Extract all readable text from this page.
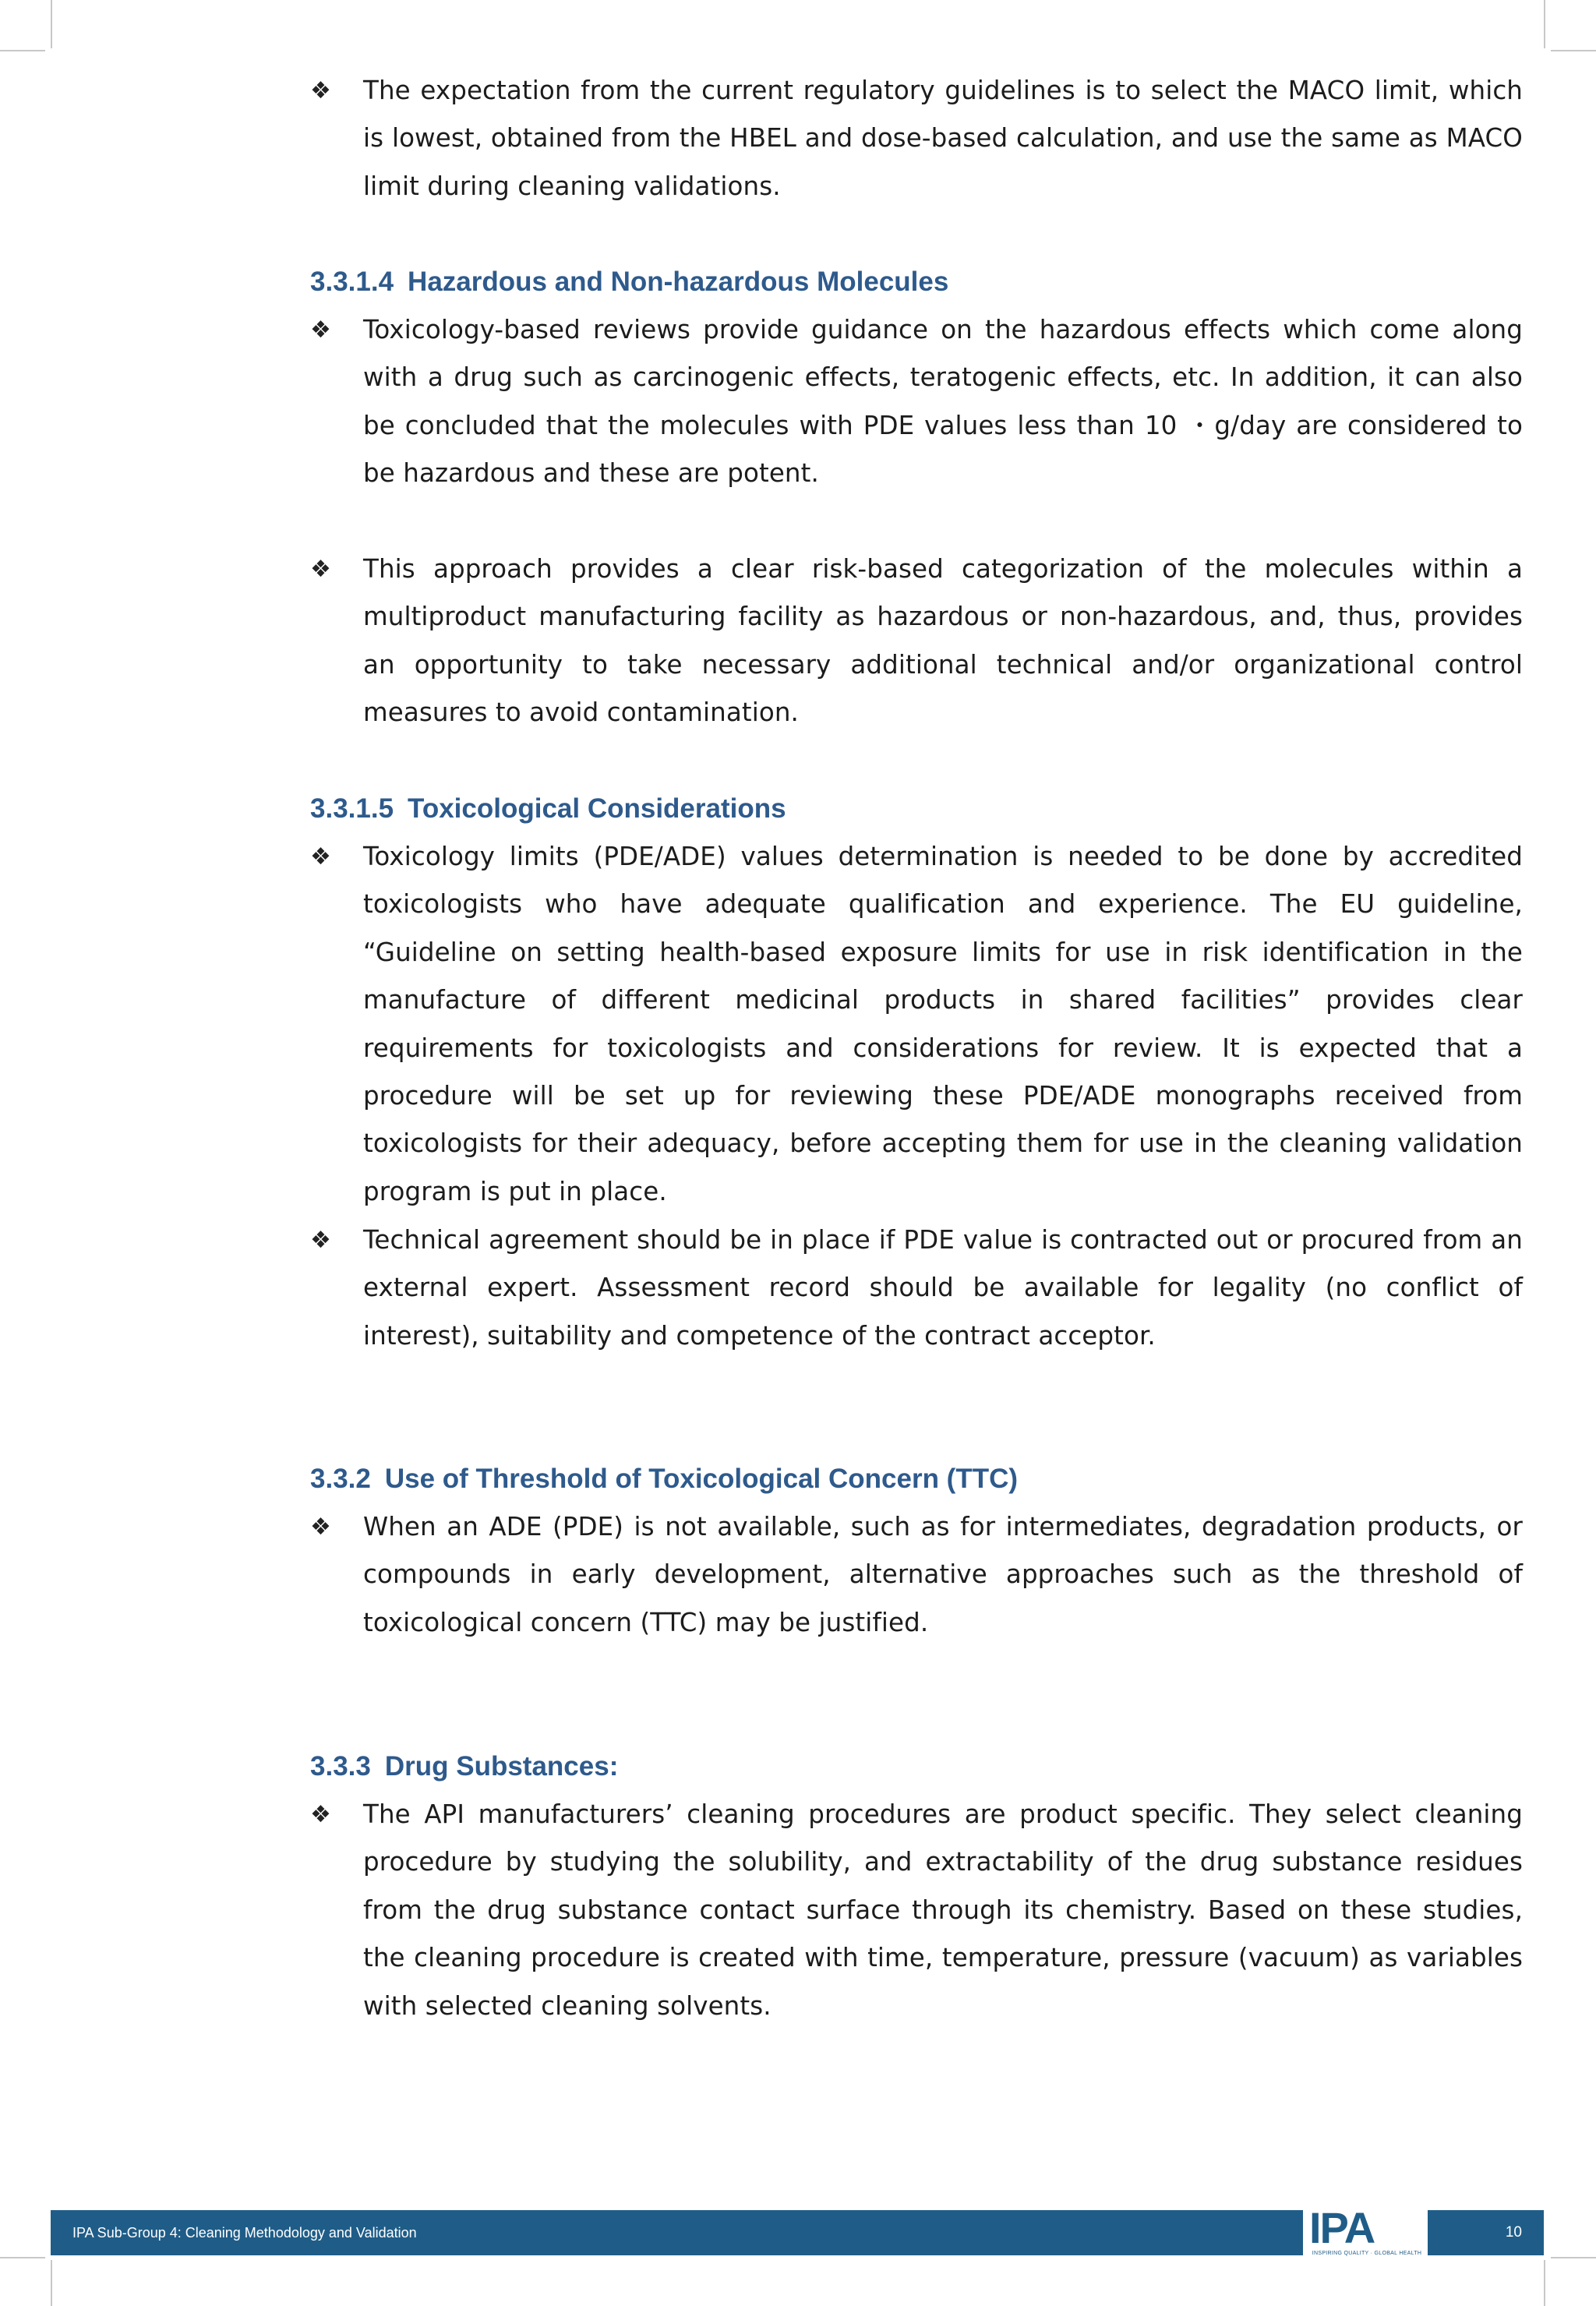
❖ The expectation from the current regulatory guidelines is to select the MACO limit, which is lowest, obtained from the HBEL and dose-based calculation, and use the same as MACO limit during cleaning validations.
3.3.1.4 Hazardous and Non-hazardous Molecules
❖ Toxicology-based reviews provide guidance on the hazardous effects which come along with a drug such as carcinogenic effects, teratogenic effects, etc. In addition, it can also be concluded that the molecules with PDE values less than 10 ・g/day are considered to be hazardous and these are potent.
❖ This approach provides a clear risk-based categorization of the molecules within a multiproduct manufacturing facility as hazardous or non-hazardous, and, thus, provides an opportunity to take necessary additional technical and/or organizational control measures to avoid contamination.
3.3.1.5 Toxicological Considerations
❖ Toxicology limits (PDE/ADE) values determination is needed to be done by accredited toxicologists who have adequate qualification and experience. The EU guideline, “Guideline on setting health-based exposure limits for use in risk identification in the manufacture of different medicinal products in shared facilities” provides clear requirements for toxicologists and considerations for review. It is expected that a procedure will be set up for reviewing these PDE/ADE monographs received from toxicologists for their adequacy, before accepting them for use in the cleaning validation program is put in place.
❖ Technical agreement should be in place if PDE value is contracted out or procured from an external expert. Assessment record should be available for legality (no conflict of interest), suitability and competence of the contract acceptor.
3.3.2 Use of Threshold of Toxicological Concern (TTC)
❖ When an ADE (PDE) is not available, such as for intermediates, degradation products, or compounds in early development, alternative approaches such as the threshold of toxicological concern (TTC) may be justified.
3.3.3 Drug Substances:
❖ The API manufacturers’ cleaning procedures are product specific. They select cleaning procedure by studying the solubility, and extractability of the drug substance residues from the drug substance contact surface through its chemistry. Based on these studies, the cleaning procedure is created with time, temperature, pressure (vacuum) as variables with selected cleaning solvents.
IPA Sub-Group 4: Cleaning Methodology and Validation	10
IPA
INSPIRING QUALITY · GLOBAL HEALTH
